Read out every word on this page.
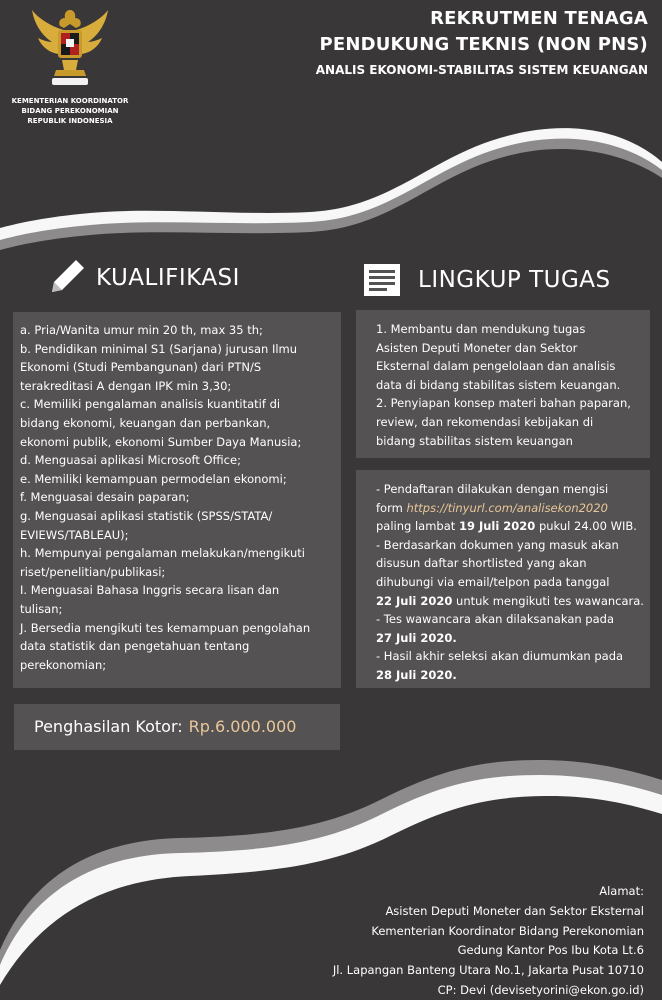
KEMENTERIAN KOORDINATOR
BIDANG PEREKONOMIAN
REPUBLIK INDONESIA
REKRUTMEN TENAGA
PENDUKUNG TEKNIS (NON PNS)
ANALIS EKONOMI-STABILITAS SISTEM KEUANGAN
KUALIFIKASI	LINGKUP TUGAS
a. Pria/Wanita umur min 20 th, max 35 th;
b. Pendidikan minimal S1 (Sarjana) jurusan Ilmu
Ekonomi (Studi Pembangunan) dari PTN/S
terakreditasi A dengan IPK min 3,30;
c. Memiliki pengalaman analisis kuantitatif di
bidang ekonomi, keuangan dan perbankan,
ekonomi publik, ekonomi Sumber Daya Manusia;
d. Menguasai aplikasi Microsoft Office;
e. Memiliki kemampuan permodelan ekonomi;
f. Menguasai desain paparan;
g. Menguasai aplikasi statistik (SPSS/STATA/
EVIEWS/TABLEAU);
h. Mempunyai pengalaman melakukan/mengikuti
riset/penelitian/publikasi;
I. Menguasai Bahasa Inggris secara lisan dan
tulisan;
J. Bersedia mengikuti tes kemampuan pengolahan
data statistik dan pengetahuan tentang
perekonomian;
1. Membantu dan mendukung tugas
Asisten Deputi Moneter dan Sektor
Eksternal dalam pengelolaan dan analisis
data di bidang stabilitas sistem keuangan.
2. Penyiapan konsep materi bahan paparan,
review, dan rekomendasi kebijakan di
bidang stabilitas sistem keuangan
- Pendaftaran dilakukan dengan mengisi
form https://tinyurl.com/analisekon2020
paling lambat 19 Juli 2020 pukul 24.00 WIB.
- Berdasarkan dokumen yang masuk akan
disusun daftar shortlisted yang akan
dihubungi via email/telpon pada tanggal
22 Juli 2020 untuk mengikuti tes wawancara.
- Tes wawancara akan dilaksanakan pada
27 Juli 2020.
- Hasil akhir seleksi akan diumumkan pada
28 Juli 2020.
Penghasilan Kotor: Rp.6.000.000
Alamat:
Asisten Deputi Moneter dan Sektor Eksternal
Kementerian Koordinator Bidang Perekonomian
Gedung Kantor Pos Ibu Kota Lt.6
Jl. Lapangan Banteng Utara No.1, Jakarta Pusat 10710
CP: Devi (devisetyorini@ekon.go.id)
